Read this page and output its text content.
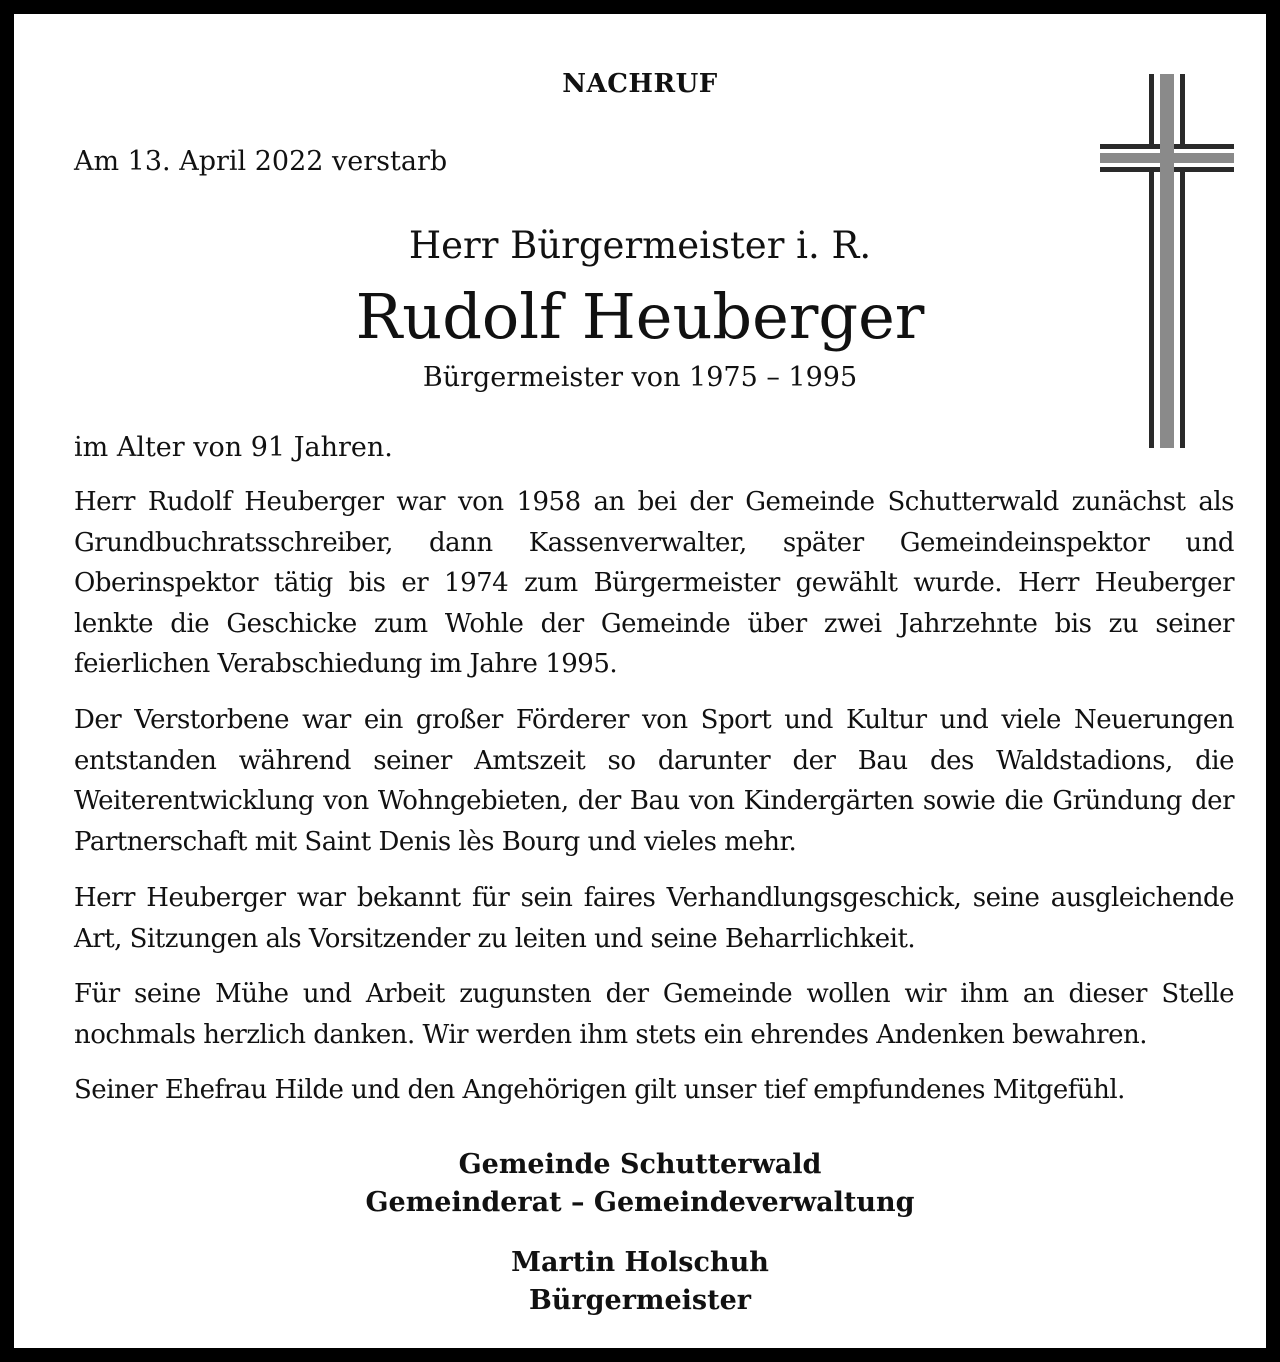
NACHRUF
Am 13. April 2022 verstarb
Herr Bürgermeister i. R.
Rudolf Heuberger
Bürgermeister von 1975 – 1995
im Alter von 91 Jahren.
Herr Rudolf Heuberger war von 1958 an bei der Gemeinde Schutterwald zunächst als Grundbuchratsschreiber, dann Kassenverwalter, später Gemeindeinspektor und Oberinspektor tätig bis er 1974 zum Bürgermeister gewählt wurde. Herr Heuberger lenkte die Geschicke zum Wohle der Gemeinde über zwei Jahrzehnte bis zu seiner feierlichen Verabschiedung im Jahre 1995.
Der Verstorbene war ein großer Förderer von Sport und Kultur und viele Neuerungen entstanden während seiner Amtszeit so darunter der Bau des Waldstadions, die Weiterentwicklung von Wohngebieten, der Bau von Kindergärten sowie die Gründung der Partnerschaft mit Saint Denis lès Bourg und vieles mehr.
Herr Heuberger war bekannt für sein faires Verhandlungsgeschick, seine ausgleichende Art, Sitzungen als Vorsitzender zu leiten und seine Beharrlichkeit.
Für seine Mühe und Arbeit zugunsten der Gemeinde wollen wir ihm an dieser Stelle nochmals herzlich danken. Wir werden ihm stets ein ehrendes Andenken bewahren.
Seiner Ehefrau Hilde und den Angehörigen gilt unser tief empfundenes Mitgefühl.
Gemeinde Schutterwald
Gemeinderat – Gemeindeverwaltung
Martin Holschuh
Bürgermeister
